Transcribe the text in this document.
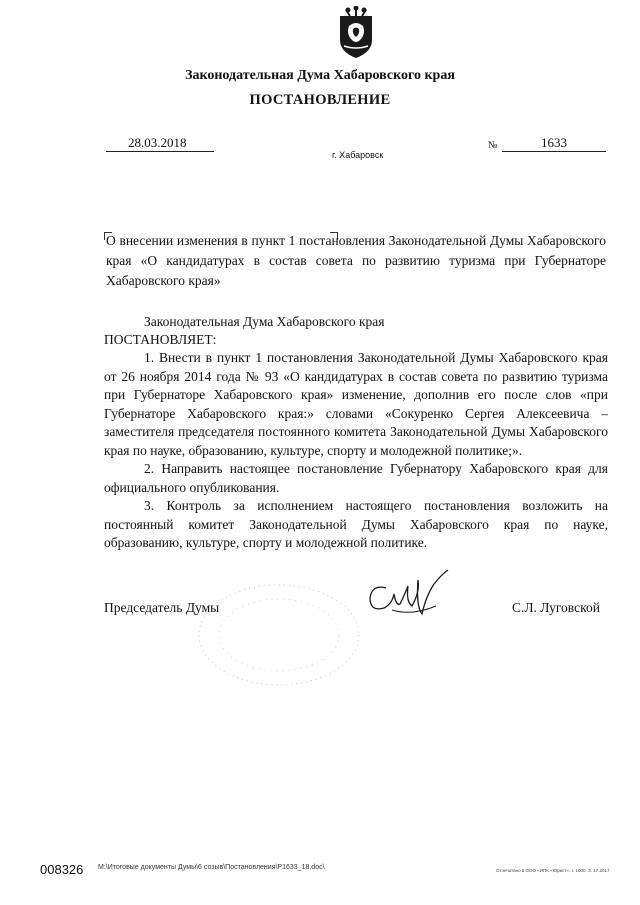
Законодательная Дума Хабаровского края
ПОСТАНОВЛЕНИЕ
28.03.2018
г. Хабаровск
№	1633
О внесении изменения в пункт 1 постановления Законодательной Думы Хабаровского края «О кандидатурах в состав совета по развитию туризма при Губернаторе Хабаровского края»
Законодательная Дума Хабаровского края
ПОСТАНОВЛЯЕТ:
1. Внести в пункт 1 постановления Законодательной Думы Хабаровского края от 26 ноября 2014 года № 93 «О кандидатурах в состав совета по развитию туризма при Губернаторе Хабаровского края» изменение, дополнив его после слов «при Губернаторе Хабаровского края:» словами «Сокуренко Сергея Алексеевича – заместителя председателя постоянного комитета Законодательной Думы Хабаровского края по науке, образованию, культуре, спорту и молодежной политике;».
2. Направить настоящее постановление Губернатору Хабаровского края для официального опубликования.
3. Контроль за исполнением настоящего постановления возложить на постоянный комитет Законодательной Думы Хабаровского края по науке, образованию, культуре, спорту и молодежной политике.
Председатель Думы	С.Л. Луговской
008326 M:\Итоговые документы Думы\6 созыв\Постановления\P1633_18.doc\	Отпечатано в ООО «ИПК «Юрист». т. 1000. З. 17.2017
